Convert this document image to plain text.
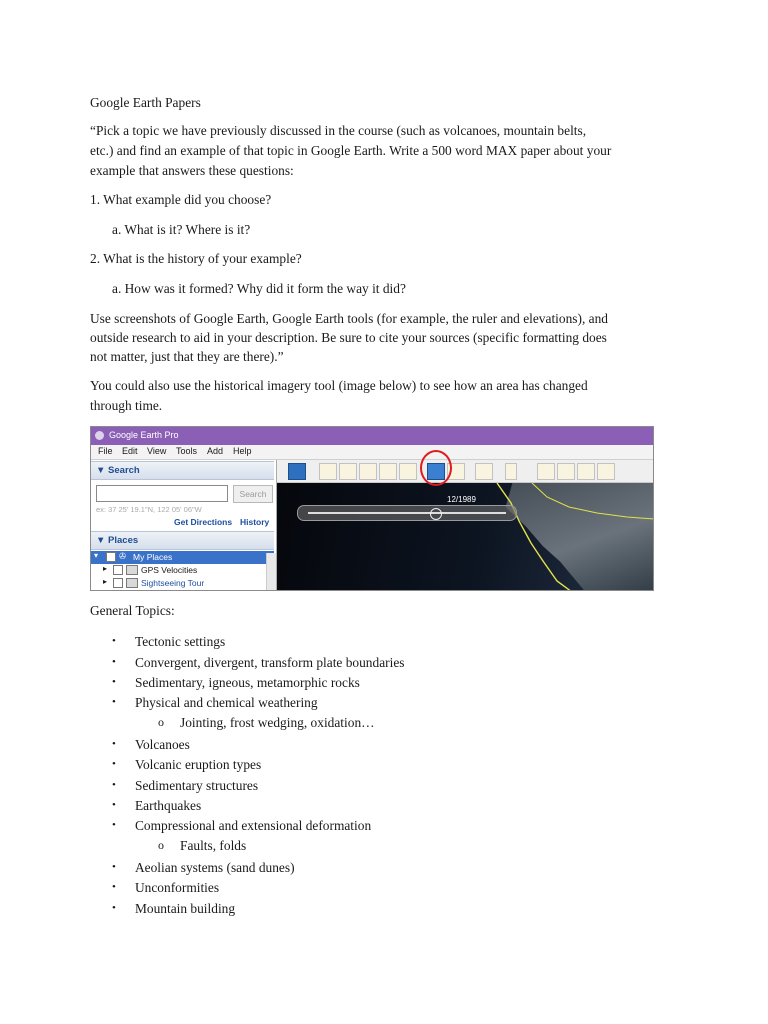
Google Earth Papers
“Pick a topic we have previously discussed in the course (such as volcanoes, mountain belts,
etc.) and find an example of that topic in Google Earth. Write a 500 word MAX paper about your
example that answers these questions:
1. What example did you choose?
a. What is it? Where is it?
2. What is the history of your example?
a. How was it formed? Why did it form the way it did?
Use screenshots of Google Earth, Google Earth tools (for example, the ruler and elevations), and
outside research to aid in your description. Be sure to cite your sources (specific formatting does
not matter, just that they are there).”
You could also use the historical imagery tool (image below) to see how an area has changed
through time.
General Topics:
•	Tectonic settings
•	Convergent, divergent, transform plate boundaries
•	Sedimentary, igneous, metamorphic rocks
•	Physical and chemical weathering
o Jointing, frost wedging, oxidation…
•	Volcanoes
•	Volcanic eruption types
•	Sedimentary structures
•	Earthquakes
•	Compressional and extensional deformation
o Faults, folds
•	Aeolian systems (sand dunes)
•	Unconformities
•	Mountain building
Google Earth Pro
File Edit View Tools Add Help
▼ Search
Search
ex: 37 25' 19.1"N, 122 05' 06"W
Get Directions History
▼ Places
▾ ✇ My Places
▸	GPS Velocities
▸	Sightseeing Tour
12/1989
